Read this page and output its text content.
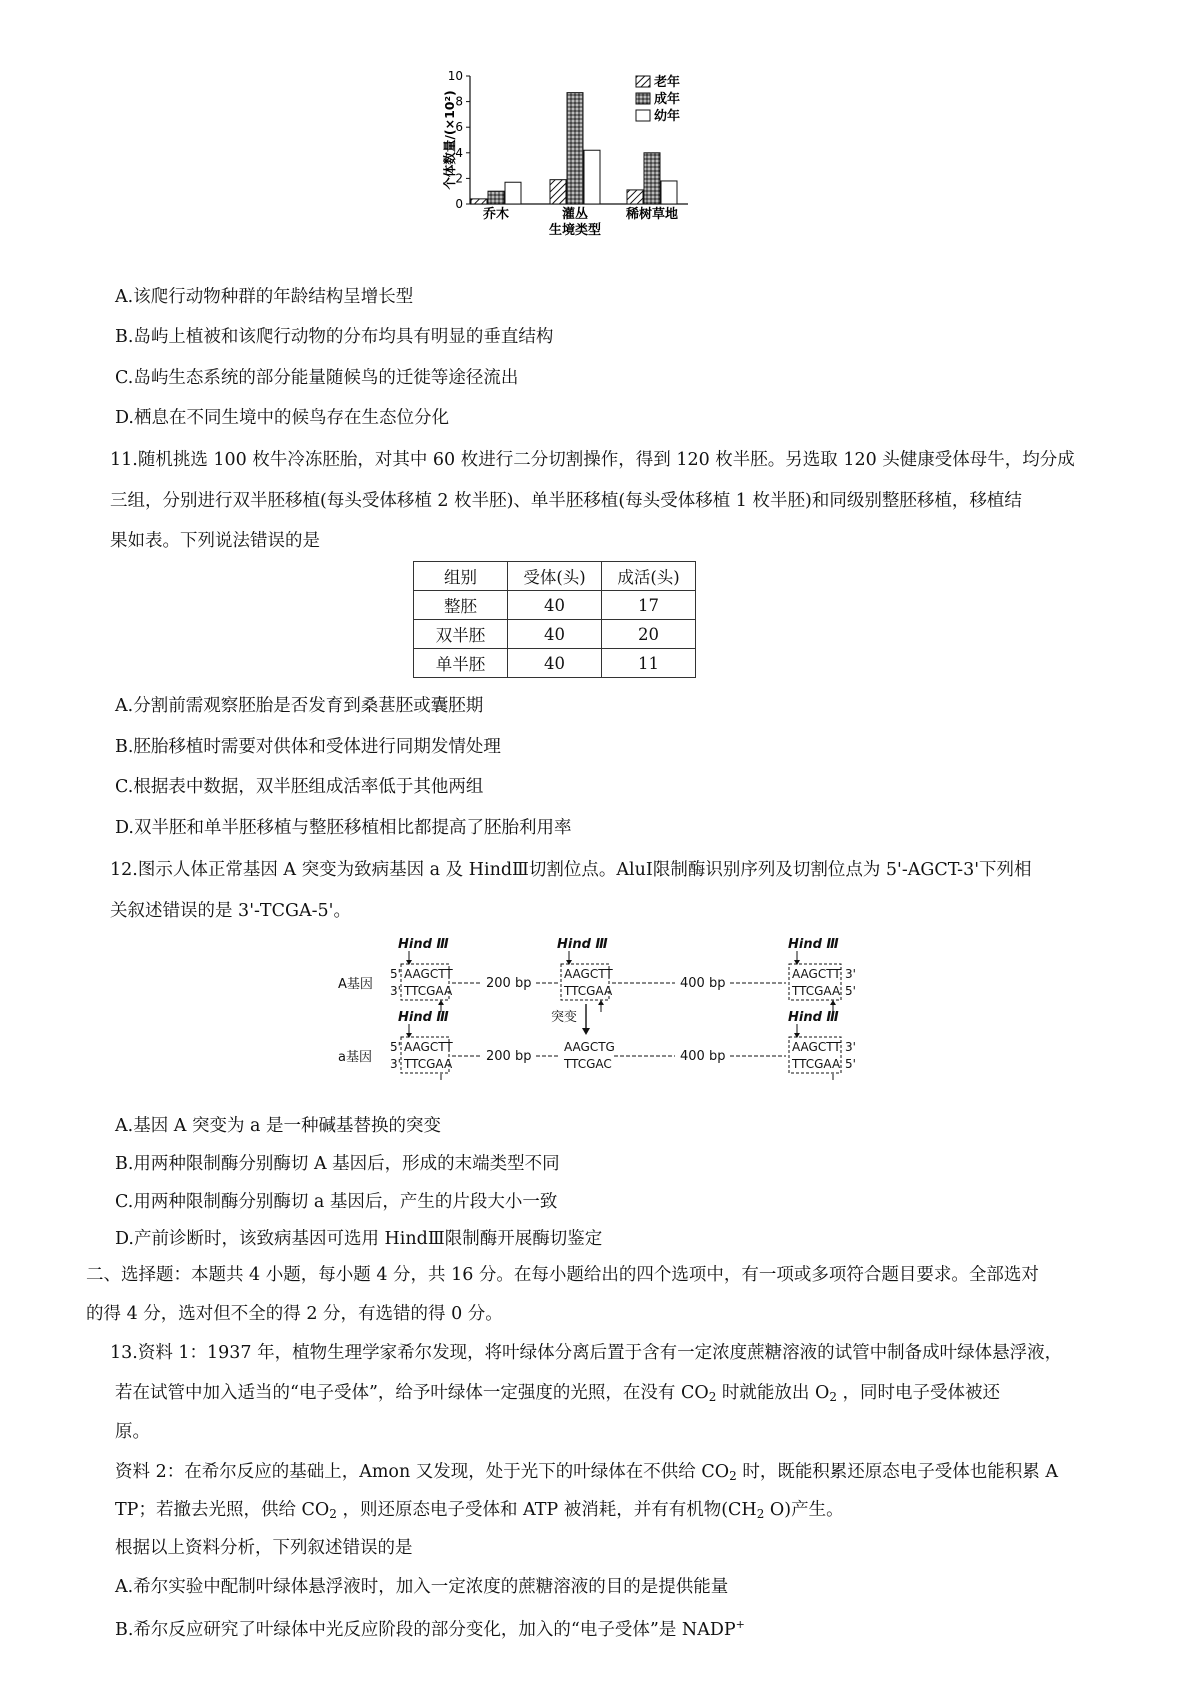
0
2
4
6
8
10
个体数量/(×10²)
乔木	灌丛	稀树草地
生境类型
老年
成年
幼年
A.该爬行动物种群的年龄结构呈增长型
B.岛屿上植被和该爬行动物的分布均具有明显的垂直结构
C.岛屿生态系统的部分能量随候鸟的迁徙等途径流出
D.栖息在不同生境中的候鸟存在生态位分化
11.随机挑选 100 枚牛冷冻胚胎，对其中 60 枚进行二分切割操作，得到 120 枚半胚。另选取 120 头健康受体母牛，均分成
三组，分别进行双半胚移植(每头受体移植 2 枚半胚)、单半胚移植(每头受体移植 1 枚半胚)和同级别整胚移植，移植结
果如表。下列说法错误的是
组别	受体(头)	成活(头)
整胚	40	17
双半胚	40	20
单半胚	40	11
A.分割前需观察胚胎是否发育到桑葚胚或囊胚期
B.胚胎移植时需要对供体和受体进行同期发情处理
C.根据表中数据，双半胚组成活率低于其他两组
D.双半胚和单半胚移植与整胚移植相比都提高了胚胎利用率
12.图示人体正常基因 A 突变为致病基因 a 及 HindⅢ切割位点。AluⅠ限制酶识别序列及切割位点为 5'-AGCT-3'下列相
关叙述错误的是 3'-TCGA-5'。
Hind Ⅲ	Hind Ⅲ	Hind Ⅲ
A基因
5'
3'
AAGCTT
TTCGAA	200 bp
AAGCTT
TTCGAA	400 bp
AAGCTT
TTCGAA
3'
5'
Hind Ⅲ	突变	Hind Ⅲ
a基因
5'
3'
AAGCTT
TTCGAA	200 bp
AAGCTG
TTCGAC	400 bp
AAGCTT
TTCGAA
3'
5'
A.基因 A 突变为 a 是一种碱基替换的突变
B.用两种限制酶分别酶切 A 基因后，形成的末端类型不同
C.用两种限制酶分别酶切 a 基因后，产生的片段大小一致
D.产前诊断时，该致病基因可选用 HindⅢ限制酶开展酶切鉴定
二、选择题：本题共 4 小题，每小题 4 分，共 16 分。在每小题给出的四个选项中，有一项或多项符合题目要求。全部选对
的得 4 分，选对但不全的得 2 分，有选错的得 0 分。
13.资料 1：1937 年，植物生理学家希尔发现，将叶绿体分离后置于含有一定浓度蔗糖溶液的试管中制备成叶绿体悬浮液，
若在试管中加入适当的“电子受体”，给予叶绿体一定强度的光照，在没有 $CO_2$ 时就能放出 $O_2$ ，同时电子受体被还
原。
资料 2：在希尔反应的基础上，Amon 又发现，处于光下的叶绿体在不供给 $CO_2$ 时，既能积累还原态电子受体也能积累 A
TP；若撤去光照，供给 $CO_2$ ，则还原态电子受体和 ATP 被消耗，并有有机物($CH_2$ O)产生。
根据以上资料分析，下列叙述错误的是
A.希尔实验中配制叶绿体悬浮液时，加入一定浓度的蔗糖溶液的目的是提供能量
B.希尔反应研究了叶绿体中光反应阶段的部分变化，加入的“电子受体”是 NADP+
